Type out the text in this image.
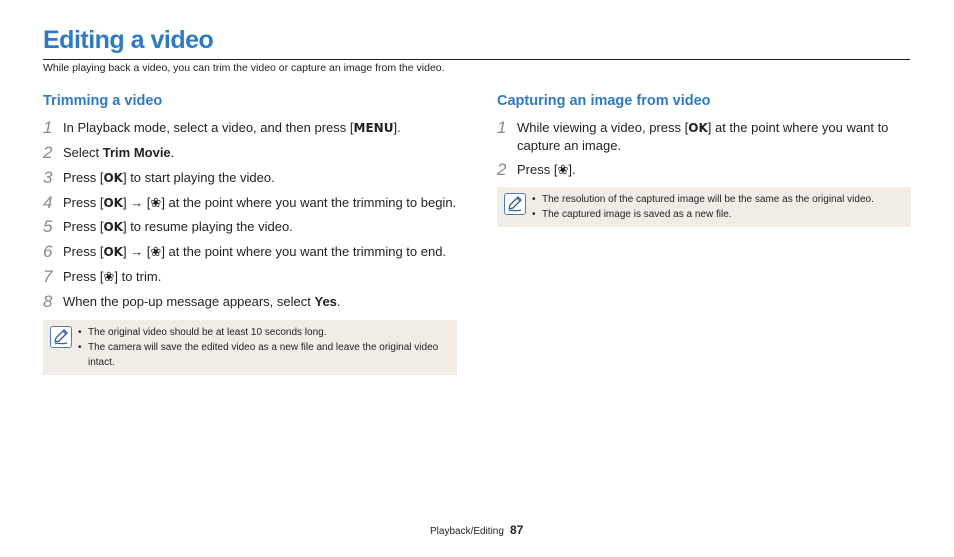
Editing a video
While playing back a video, you can trim the video or capture an image from the video.
Trimming a video
1 In Playback mode, select a video, and then press [MENU].
2 Select Trim Movie.
3 Press [OK] to start playing the video.
4 Press [OK] → [❀] at the point where you want the trimming to begin.
5 Press [OK] to resume playing the video.
6 Press [OK] → [❀] at the point where you want the trimming to end.
7 Press [❀] to trim.
8 When the pop-up message appears, select Yes.
• The original video should be at least 10 seconds long.
• The camera will save the edited video as a new file and leave the original video intact.
Capturing an image from video
1 While viewing a video, press [OK] at the point where you want to capture an image.
2 Press [❀].
• The resolution of the captured image will be the same as the original video.
• The captured image is saved as a new file.
Playback/Editing 87
